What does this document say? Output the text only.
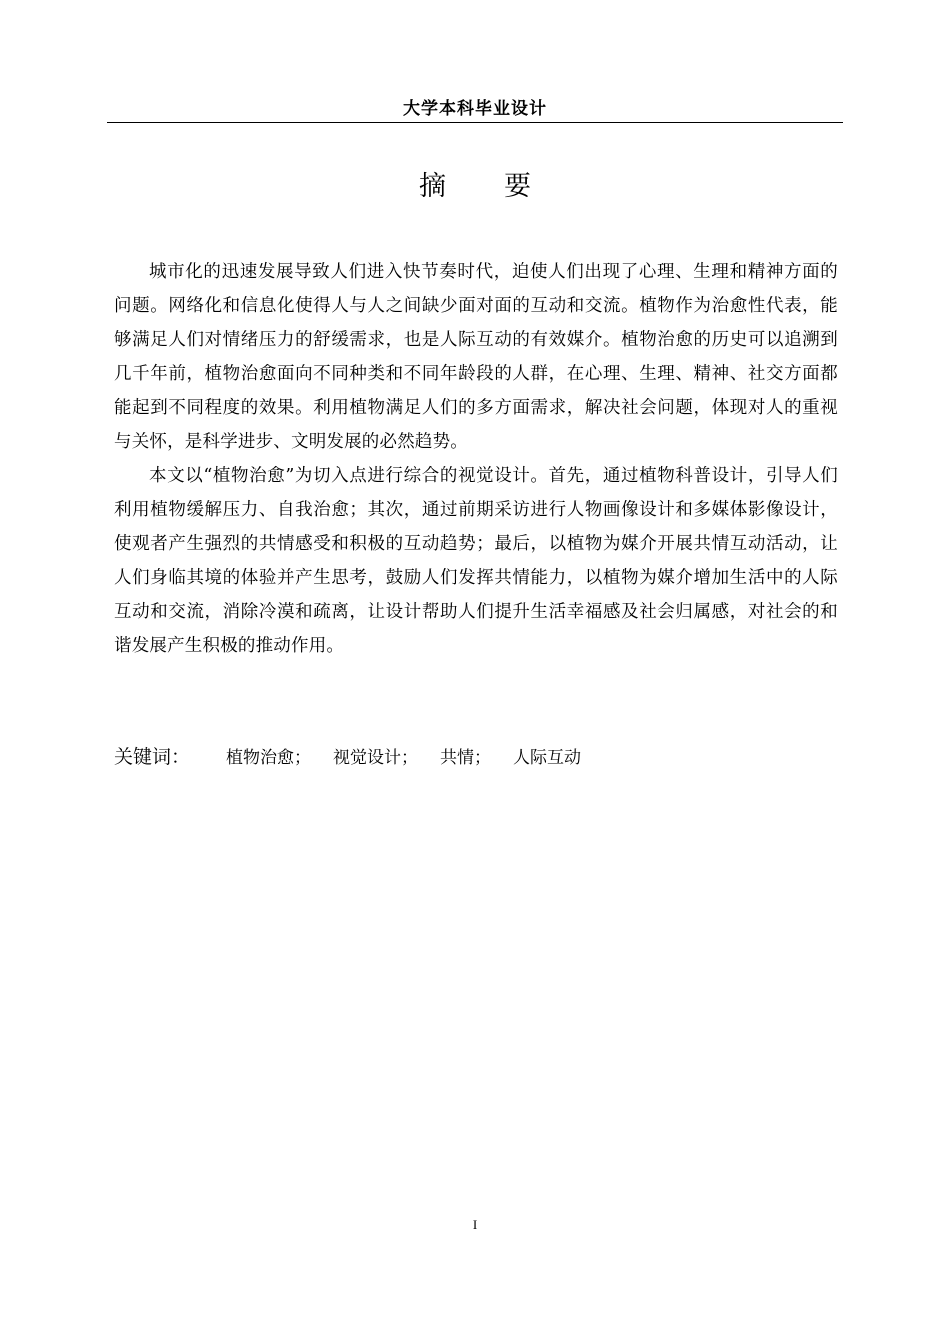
大学本科毕业设计
摘 要

城市化的迅速发展导致人们进入快节奏时代，迫使人们出现了心理、生理和精神方面的问题。网络化和信息化使得人与人之间缺少面对面的互动和交流。植物作为治愈性代表，能够满足人们对情绪压力的舒缓需求，也是人际互动的有效媒介。植物治愈的历史可以追溯到几千年前，植物治愈面向不同种类和不同年龄段的人群，在心理、生理、精神、社交方面都能起到不同程度的效果。利用植物满足人们的多方面需求，解决社会问题，体现对人的重视与关怀，是科学进步、文明发展的必然趋势。

本文以“植物治愈”为切入点进行综合的视觉设计。首先，通过植物科普设计，引导人们利用植物缓解压力、自我治愈；其次，通过前期采访进行人物画像设计和多媒体影像设计，使观者产生强烈的共情感受和积极的互动趋势；最后，以植物为媒介开展共情互动活动，让人们身临其境的体验并产生思考，鼓励人们发挥共情能力，以植物为媒介增加生活中的人际互动和交流，消除冷漠和疏离，让设计帮助人们提升生活幸福感及社会归属感，对社会的和谐发展产生积极的推动作用。

关键词： 植物治愈； 视觉设计； 共情； 人际互动
I
